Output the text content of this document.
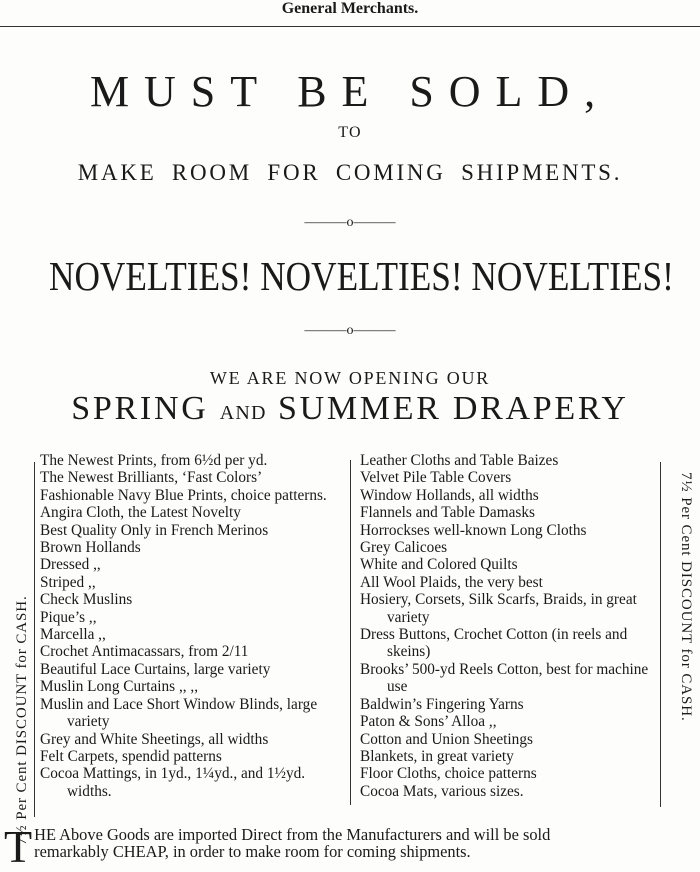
General Merchants.
MUST BE SOLD,
TO
MAKE ROOM FOR COMING SHIPMENTS.
———o———
NOVELTIES! NOVELTIES! NOVELTIES!
———o———
WE ARE NOW OPENING OUR
SPRING AND SUMMER DRAPERY
7½ Per Cent DISCOUNT for CASH.	7½ Per Cent DISCOUNT for CASH.
The Newest Prints, from 6½d per yd.
The Newest Brilliants, ‘Fast Colors’
Fashionable Navy Blue Prints, choice patterns.
Angira Cloth, the Latest Novelty
Best Quality Only in French Merinos
Brown Hollands
Dressed ,,
Striped ,,
Check Muslins
Pique’s ,,
Marcella ,,
Crochet Antimacassars, from 2/11
Beautiful Lace Curtains, large variety
Muslin Long Curtains ,, ,,
Muslin and Lace Short Window Blinds, large variety
Grey and White Sheetings, all widths
Felt Carpets, spendid patterns
Cocoa Mattings, in 1yd., 1¼yd., and 1½yd. widths.
Leather Cloths and Table Baizes
Velvet Pile Table Covers
Window Hollands, all widths
Flannels and Table Damasks
Horrockses well-known Long Cloths
Grey Calicoes
White and Colored Quilts
All Wool Plaids, the very best
Hosiery, Corsets, Silk Scarfs, Braids, in great variety
Dress Buttons, Crochet Cotton (in reels and skeins)
Brooks’ 500-yd Reels Cotton, best for machine use
Baldwin’s Fingering Yarns
Paton & Sons’ Alloa ,,
Cotton and Union Sheetings
Blankets, in great variety
Floor Cloths, choice patterns
Cocoa Mats, various sizes.
T HE Above Goods are imported Direct from the Manufacturers and will be sold
remarkably CHEAP, in order to make room for coming shipments.
